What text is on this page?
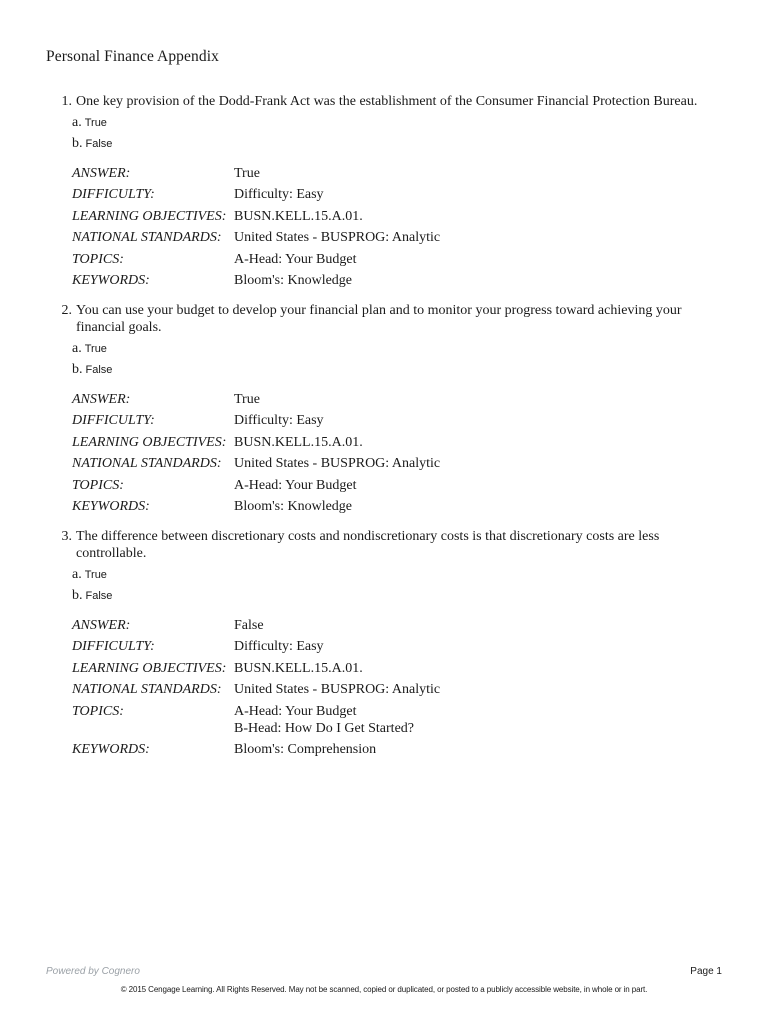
Personal Finance Appendix
1. One key provision of the Dodd-Frank Act was the establishment of the Consumer Financial Protection Bureau.
a. True
b. False
ANSWER:	True
DIFFICULTY:	Difficulty: Easy
LEARNING OBJECTIVES: BUSN.KELL.15.A.01.
NATIONAL STANDARDS: United States - BUSPROG: Analytic
TOPICS:	A-Head: Your Budget
KEYWORDS:	Bloom's: Knowledge
2. You can use your budget to develop your financial plan and to monitor your progress toward achieving your financial goals.
a. True
b. False
ANSWER:	True
DIFFICULTY:	Difficulty: Easy
LEARNING OBJECTIVES: BUSN.KELL.15.A.01.
NATIONAL STANDARDS: United States - BUSPROG: Analytic
TOPICS:	A-Head: Your Budget
KEYWORDS:	Bloom's: Knowledge
3. The difference between discretionary costs and nondiscretionary costs is that discretionary costs are less controllable.
a. True
b. False
ANSWER:	False
DIFFICULTY:	Difficulty: Easy
LEARNING OBJECTIVES: BUSN.KELL.15.A.01.
NATIONAL STANDARDS: United States - BUSPROG: Analytic
TOPICS:	A-Head: Your Budget
B-Head: How Do I Get Started?
KEYWORDS:	Bloom's: Comprehension
Powered by Cognero	Page 1
© 2015 Cengage Learning. All Rights Reserved. May not be scanned, copied or duplicated, or posted to a publicly accessible website, in whole or in part.
